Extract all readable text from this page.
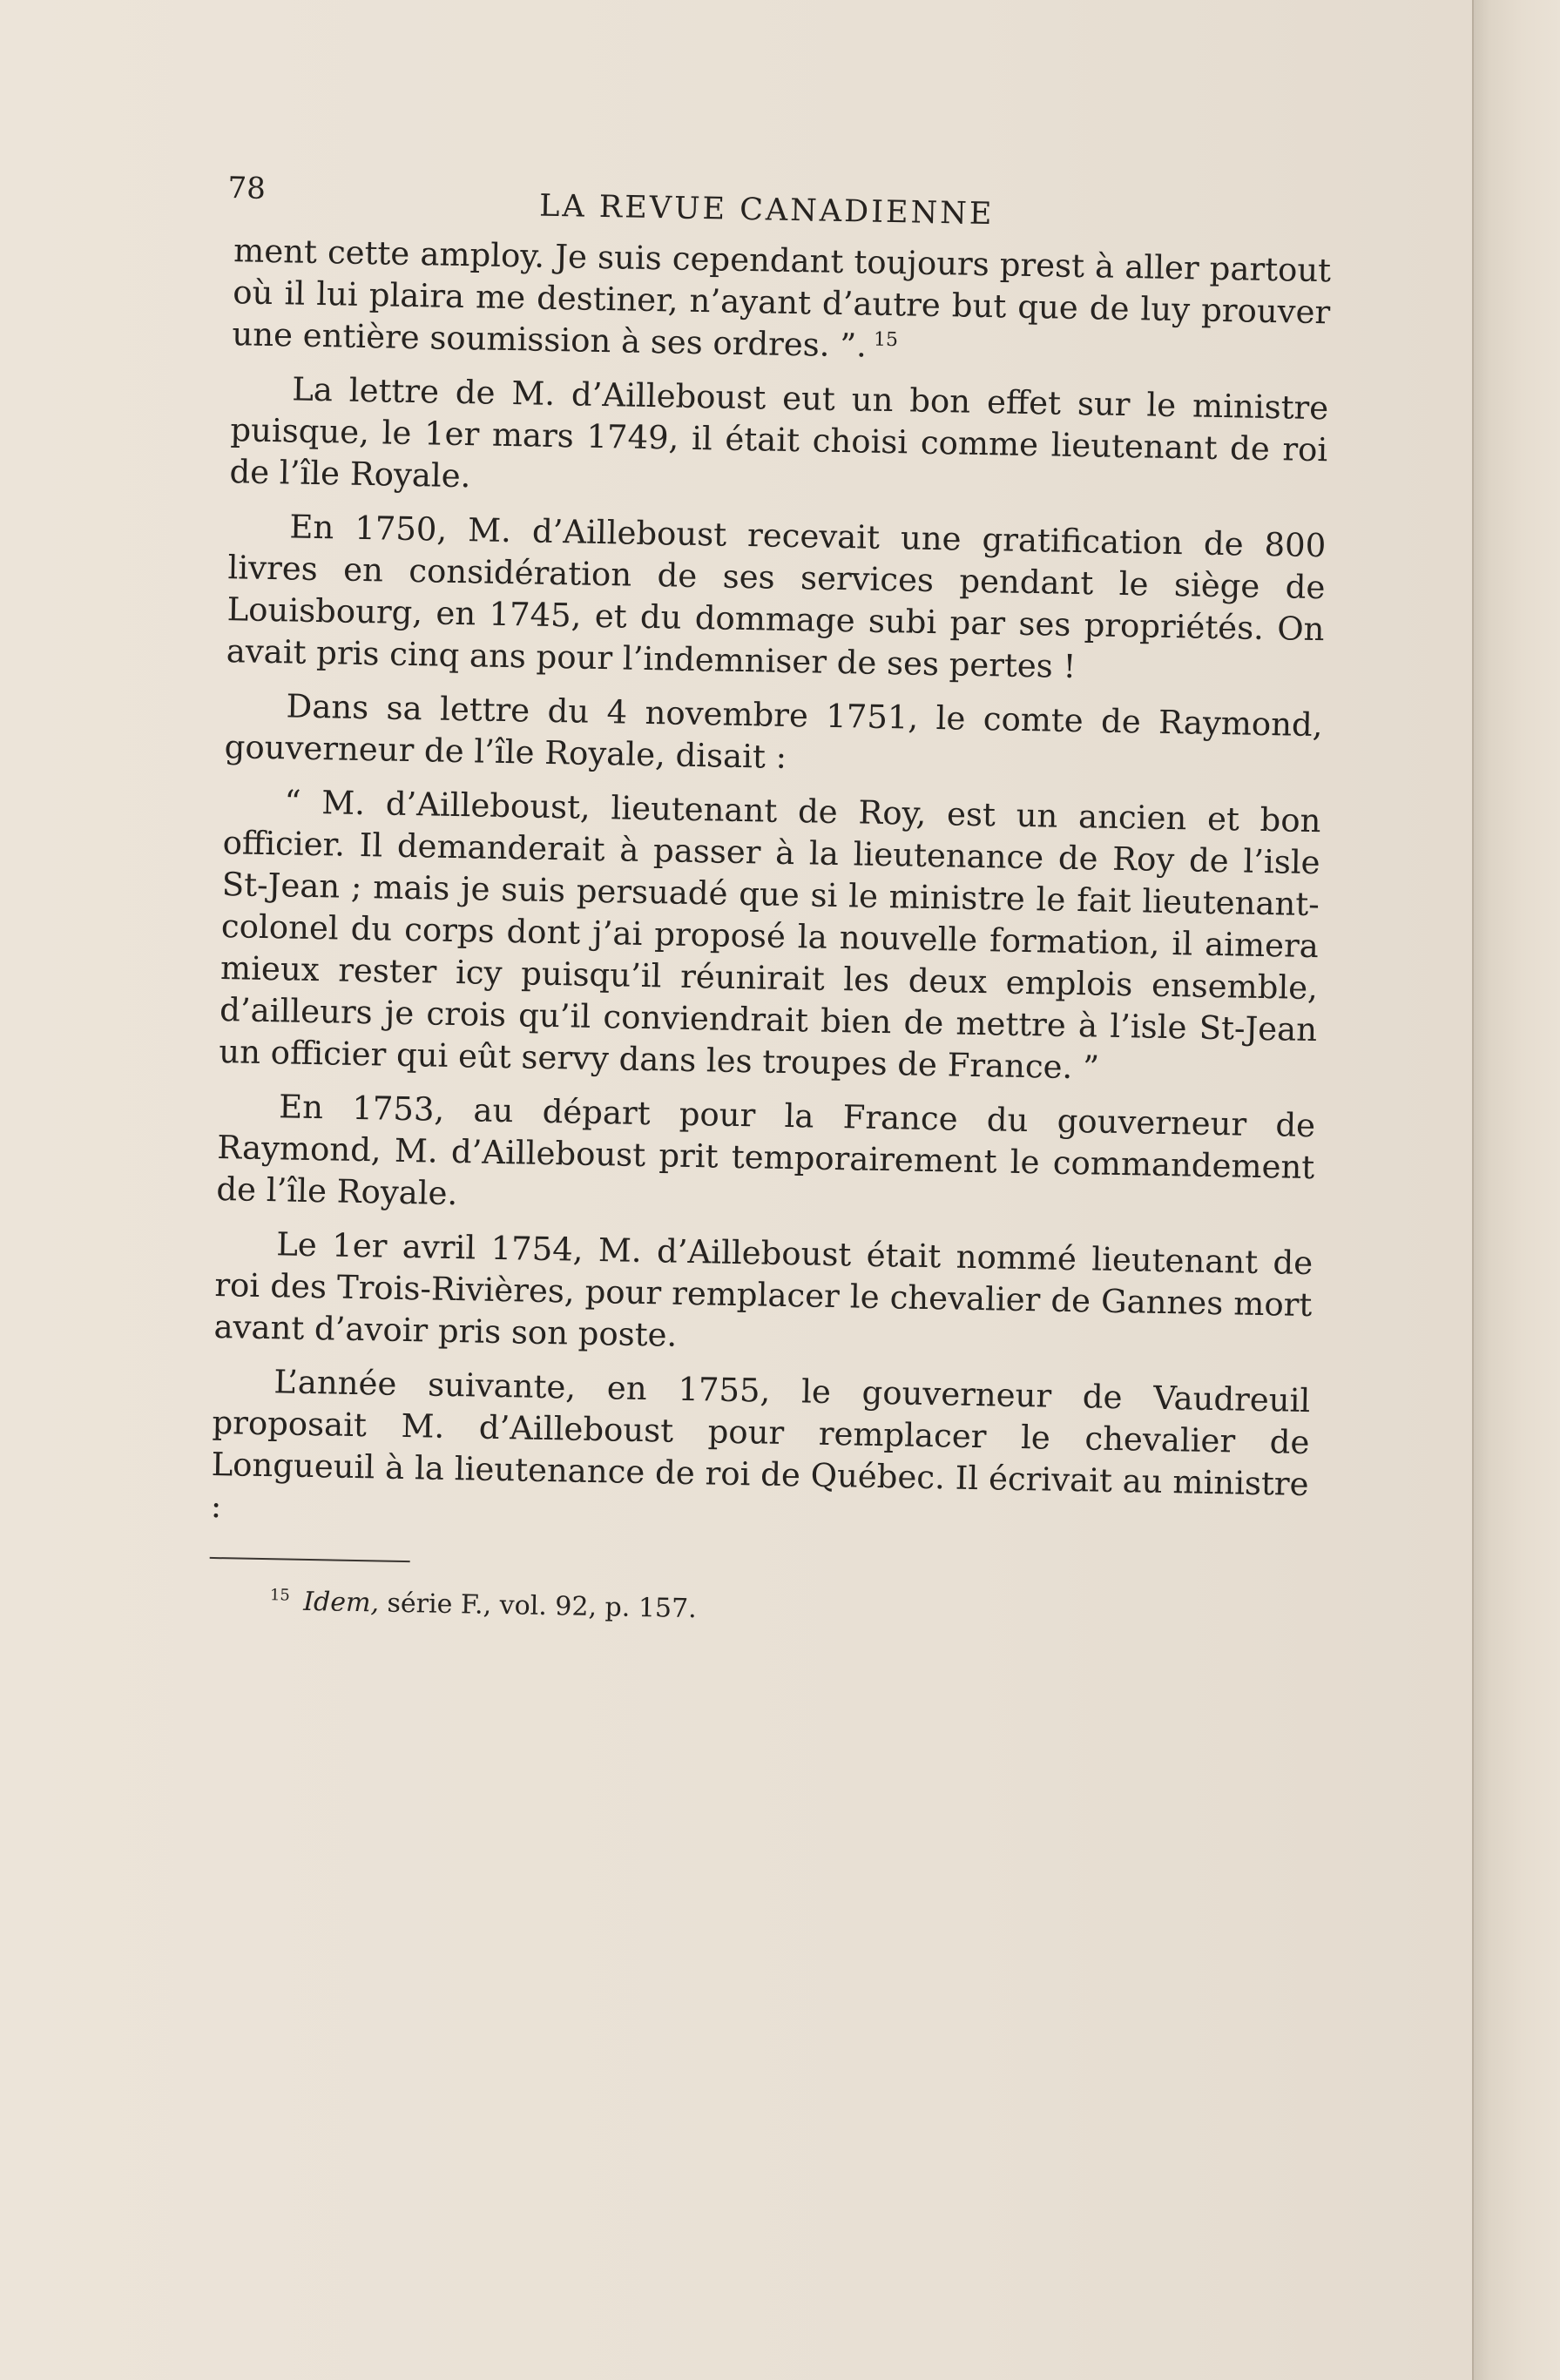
78
LA REVUE CANADIENNE

ment cette amploy. Je suis cependant toujours prest à aller partout où il lui plaira me destiner, n’ayant d’autre but que de luy prouver une entière soumission à ses ordres. ”. $^{15}$

La lettre de M. d’Ailleboust eut un bon effet sur le ministre puisque, le 1er mars 1749, il était choisi comme lieutenant de roi de l’île Royale.

En 1750, M. d’Ailleboust recevait une gratification de 800 livres en considération de ses services pendant le siège de Louisbourg, en 1745, et du dommage subi par ses propriétés. On avait pris cinq ans pour l’indemniser de ses pertes !

Dans sa lettre du 4 novembre 1751, le comte de Raymond, gouverneur de l’île Royale, disait :

“ M. d’Ailleboust, lieutenant de Roy, est un ancien et bon officier. Il demanderait à passer à la lieutenance de Roy de l’isle St-Jean ; mais je suis persuadé que si le ministre le fait lieutenant-colonel du corps dont j’ai proposé la nouvelle formation, il aimera mieux rester icy puisqu’il réunirait les deux emplois ensemble, d’ailleurs je crois qu’il conviendrait bien de mettre à l’isle St-Jean un officier qui eût servy dans les troupes de France. ”

En 1753, au départ pour la France du gouverneur de Raymond, M. d’Ailleboust prit temporairement le commandement de l’île Royale.

Le 1er avril 1754, M. d’Ailleboust était nommé lieutenant de roi des Trois-Rivières, pour remplacer le chevalier de Gannes mort avant d’avoir pris son poste.

L’année suivante, en 1755, le gouverneur de Vaudreuil proposait M. d’Ailleboust pour remplacer le chevalier de Longueuil à la lieutenance de roi de Québec. Il écrivait au ministre :

$^{15}$ Idem, série F., vol. 92, p. 157.
